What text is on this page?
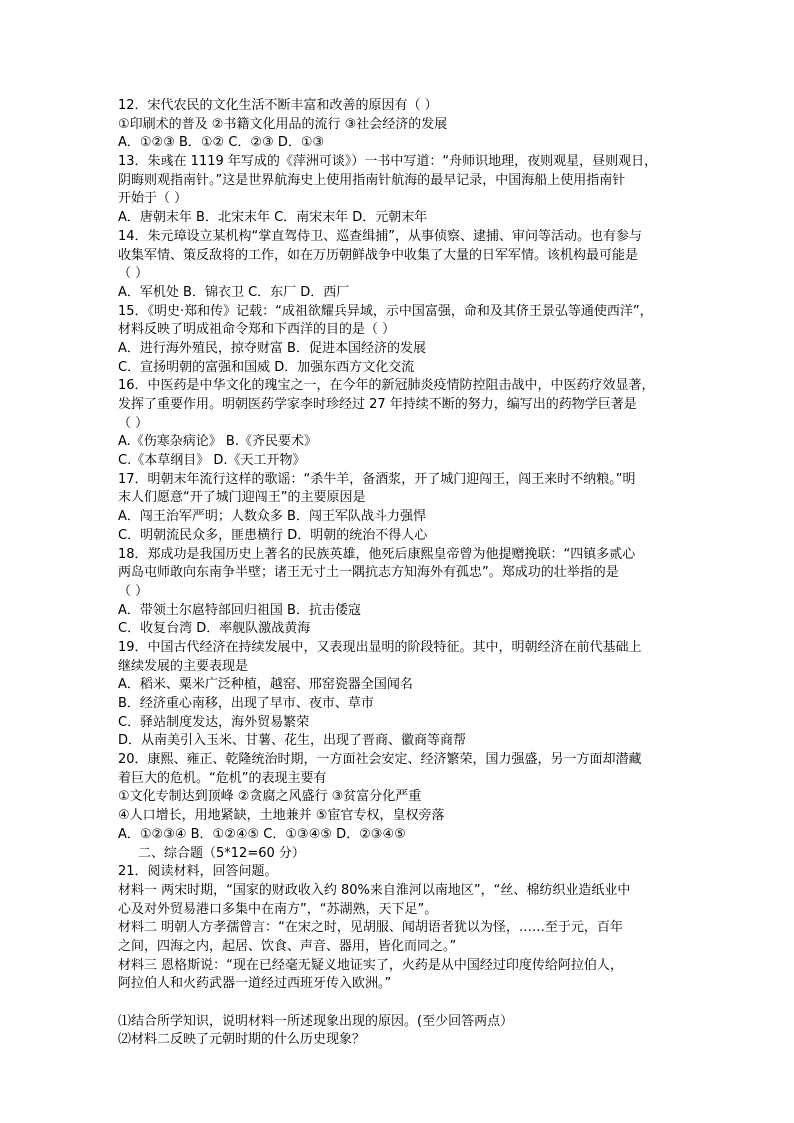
12．宋代农民的文化生活不断丰富和改善的原因有（ ）
①印刷术的普及 ②书籍文化用品的流行 ③社会经济的发展
A．①②③ B．①② C．②③ D．①③
13．朱彧在 1119 年写成的《萍洲可谈》）一书中写道：“舟师识地理，夜则观星，昼则观日，
阴晦则观指南针。”这是世界航海史上使用指南针航海的最早记录，中国海船上使用指南针
开始于（ ）
A．唐朝末年 B．北宋末年 C．南宋末年 D．元朝末年
14．朱元璋设立某机构“掌直驾侍卫、巡查缉捕”，从事侦察、逮捕、审问等活动。也有参与
收集军情、策反敌将的工作，如在万历朝鲜战争中收集了大量的日军军情。该机构最可能是
（ ）
A．军机处 B．锦衣卫 C．东厂 D．西厂
15．《明史·郑和传》记载：“成祖欲耀兵异域，示中国富强，命和及其侪王景弘等通使西洋”，
材料反映了明成祖命令郑和下西洋的目的是（ ）
A．进行海外殖民，掠夺财富 B．促进本国经济的发展
C．宣扬明朝的富强和国威 D．加强东西方文化交流
16．中医药是中华文化的瑰宝之一，在今年的新冠肺炎疫情防控阻击战中，中医药疗效显著，
发挥了重要作用。明朝医药学家李时珍经过 27 年持续不断的努力，编写出的药物学巨著是
（ ）
A.《伤寒杂病论》 B.《齐民要术》
C.《本草纲目》 D.《天工开物》
17．明朝末年流行这样的歌谣：“杀牛羊，备酒浆，开了城门迎闯王，闯王来时不纳粮。”明
末人们愿意“开了城门迎闯王”的主要原因是
A．闯王治军严明；人数众多 B．闯王军队战斗力强悍
C．明朝流民众多，匪患横行 D．明朝的统治不得人心
18．郑成功是我国历史上著名的民族英雄，他死后康熙皇帝曾为他提赠挽联：“四镇多贰心
两岛屯师敢向东南争半壁；诸王无寸土一隅抗志方知海外有孤忠”。郑成功的壮举指的是
（ ）
A．带领土尔扈特部回归祖国 B．抗击倭寇
C．收复台湾 D．率舰队激战黄海
19．中国古代经济在持续发展中，又表现出显明的阶段特征。其中，明朝经济在前代基础上
继续发展的主要表现是
A．稻米、粟米广泛种植，越窑、邢窑瓷器全国闻名
B．经济重心南移，出现了早市、夜市、草市
C．驿站制度发达，海外贸易繁荣
D．从南美引入玉米、甘薯、花生，出现了晋商、徽商等商帮
20．康熙、雍正、乾隆统治时期，一方面社会安定、经济繁荣，国力强盛，另一方面却潜藏
着巨大的危机。“危机”的表现主要有
①文化专制达到顶峰 ②贪腐之风盛行 ③贫富分化严重
④人口增长，用地紧缺，土地兼并 ⑤宦官专权，皇权旁落
A．①②③④ B．①②④⑤ C．①③④⑤ D．②③④⑤
二、综合题（5*12=60 分）
21．阅读材料，回答问题。
材料一 两宋时期，“国家的财政收入约 80%来自淮河以南地区”，“丝、棉纺织业造纸业中
心及对外贸易港口多集中在南方”，“苏湖熟，天下足”。
材料二 明朝人方孝孺曾言：“在宋之时，见胡服、闻胡语者犹以为怪，……至于元，百年
之间，四海之内，起居、饮食、声音、器用，皆化而同之。”
材料三 恩格斯说：“现在已经毫无疑义地证实了，火药是从中国经过印度传给阿拉伯人，
阿拉伯人和火药武器一道经过西班牙传入欧洲。”
⑴结合所学知识，说明材料一所述现象出现的原因。(至少回答两点）
⑵材料二反映了元朝时期的什么历史现象？
